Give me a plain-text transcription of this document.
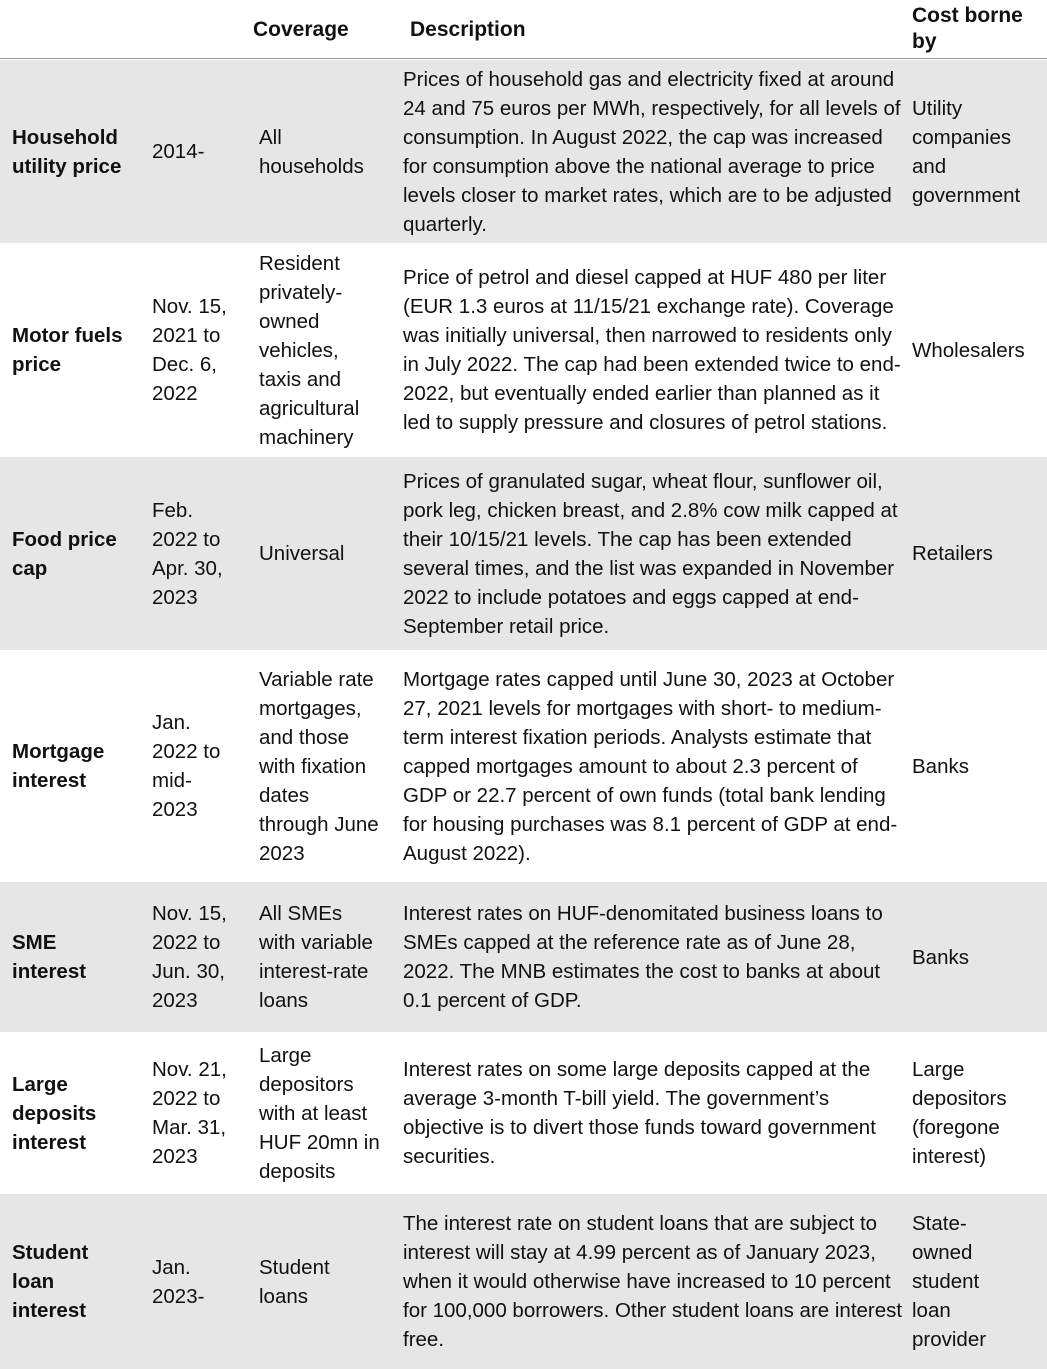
Coverage	Description
Cost borne by
Household utility price
2014-
All households
Prices of household gas and electricity fixed at around 24 and 75 euros per MWh, respectively, for all levels of consumption. In August 2022, the cap was increased for consumption above the national average to price levels closer to market rates, which are to be adjusted quarterly.
Utility companies and government
Motor fuels price
Nov. 15, 2021 to Dec. 6, 2022
Resident privately-owned vehicles, taxis and agricultural machinery
Price of petrol and diesel capped at HUF 480 per liter (EUR 1.3 euros at 11/15/21 exchange rate). Coverage was initially universal, then narrowed to residents only in July 2022. The cap had been extended twice to end-2022, but eventually ended earlier than planned as it led to supply pressure and closures of petrol stations.
Wholesalers
Food price cap
Feb. 2022 to Apr. 30, 2023
Universal
Prices of granulated sugar, wheat flour, sunflower oil, pork leg, chicken breast, and 2.8% cow milk capped at their 10/15/21 levels. The cap has been extended several times, and the list was expanded in November 2022 to include potatoes and eggs capped at end-September retail price.
Retailers
Mortgage interest
Jan. 2022 to mid-2023
Variable rate mortgages, and those with fixation dates through June 2023
Mortgage rates capped until June 30, 2023 at October 27, 2021 levels for mortgages with short- to medium-term interest fixation periods. Analysts estimate that capped mortgages amount to about 2.3 percent of GDP or 22.7 percent of own funds (total bank lending for housing purchases was 8.1 percent of GDP at end-August 2022).
Banks
SME interest
Nov. 15, 2022 to Jun. 30, 2023
All SMEs with variable interest-rate loans
Interest rates on HUF-denomitated business loans to SMEs capped at the reference rate as of June 28, 2022. The MNB estimates the cost to banks at about 0.1 percent of GDP.
Banks
Large deposits interest
Nov. 21, 2022 to Mar. 31, 2023
Large depositors with at least HUF 20mn in deposits
Interest rates on some large deposits capped at the average 3-month T-bill yield. The government’s objective is to divert those funds toward government securities.
Large depositors (foregone interest)
Student loan interest
Jan. 2023-
Student loans
The interest rate on student loans that are subject to interest will stay at 4.99 percent as of January 2023, when it would otherwise have increased to 10 percent for 100,000 borrowers. Other student loans are interest free.
State-owned student loan provider
